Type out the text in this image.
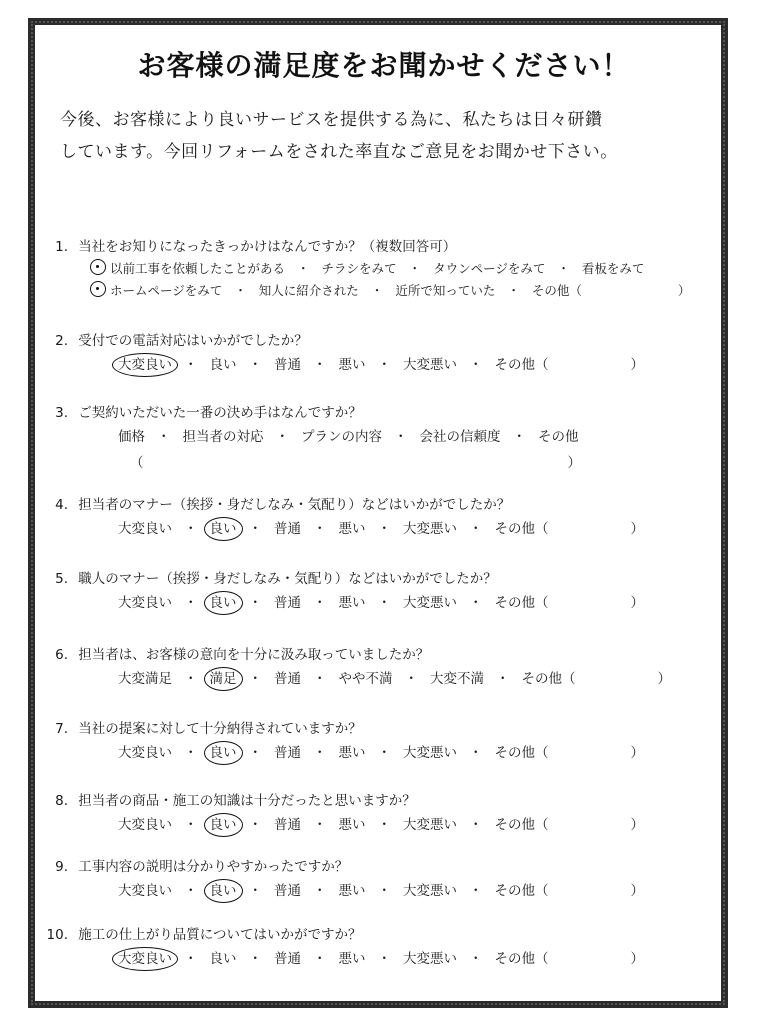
お客様の満足度をお聞かせください！
今後、お客様により良いサービスを提供する為に、私たちは日々研鑽
しています。今回リフォームをされた率直なご意見をお聞かせ下さい。
1. 当社をお知りになったきっかけはなんですか？（複数回答可）
以前工事を依頼したことがある ・ チラシをみて ・ タウンページをみて ・ 看板をみて
ホームページをみて ・ 知人に紹介された ・ 近所で知っていた ・ その他（	）
2. 受付での電話対応はいかがでしたか？
大変良い ・ 良い ・ 普通 ・ 悪い ・ 大変悪い ・ その他（	）
3. ご契約いただいた一番の決め手はなんですか？
価格 ・ 担当者の対応 ・ プランの内容 ・ 会社の信頼度 ・ その他
（	）
4. 担当者のマナー（挨拶・身だしなみ・気配り）などはいかがでしたか？
大変良い ・ 良い ・ 普通 ・ 悪い ・ 大変悪い ・ その他（	）
5. 職人のマナー（挨拶・身だしなみ・気配り）などはいかがでしたか？
大変良い ・ 良い ・ 普通 ・ 悪い ・ 大変悪い ・ その他（	）
6. 担当者は、お客様の意向を十分に汲み取っていましたか？
大変満足 ・ 満足 ・ 普通 ・ やや不満 ・ 大変不満 ・ その他（	）
7. 当社の提案に対して十分納得されていますか？
大変良い ・ 良い ・ 普通 ・ 悪い ・ 大変悪い ・ その他（	）
8. 担当者の商品・施工の知識は十分だったと思いますか？
大変良い ・ 良い ・ 普通 ・ 悪い ・ 大変悪い ・ その他（	）
9. 工事内容の説明は分かりやすかったですか？
大変良い ・ 良い ・ 普通 ・ 悪い ・ 大変悪い ・ その他（	）
10. 施工の仕上がり品質についてはいかがですか？
大変良い ・ 良い ・ 普通 ・ 悪い ・ 大変悪い ・ その他（	）
